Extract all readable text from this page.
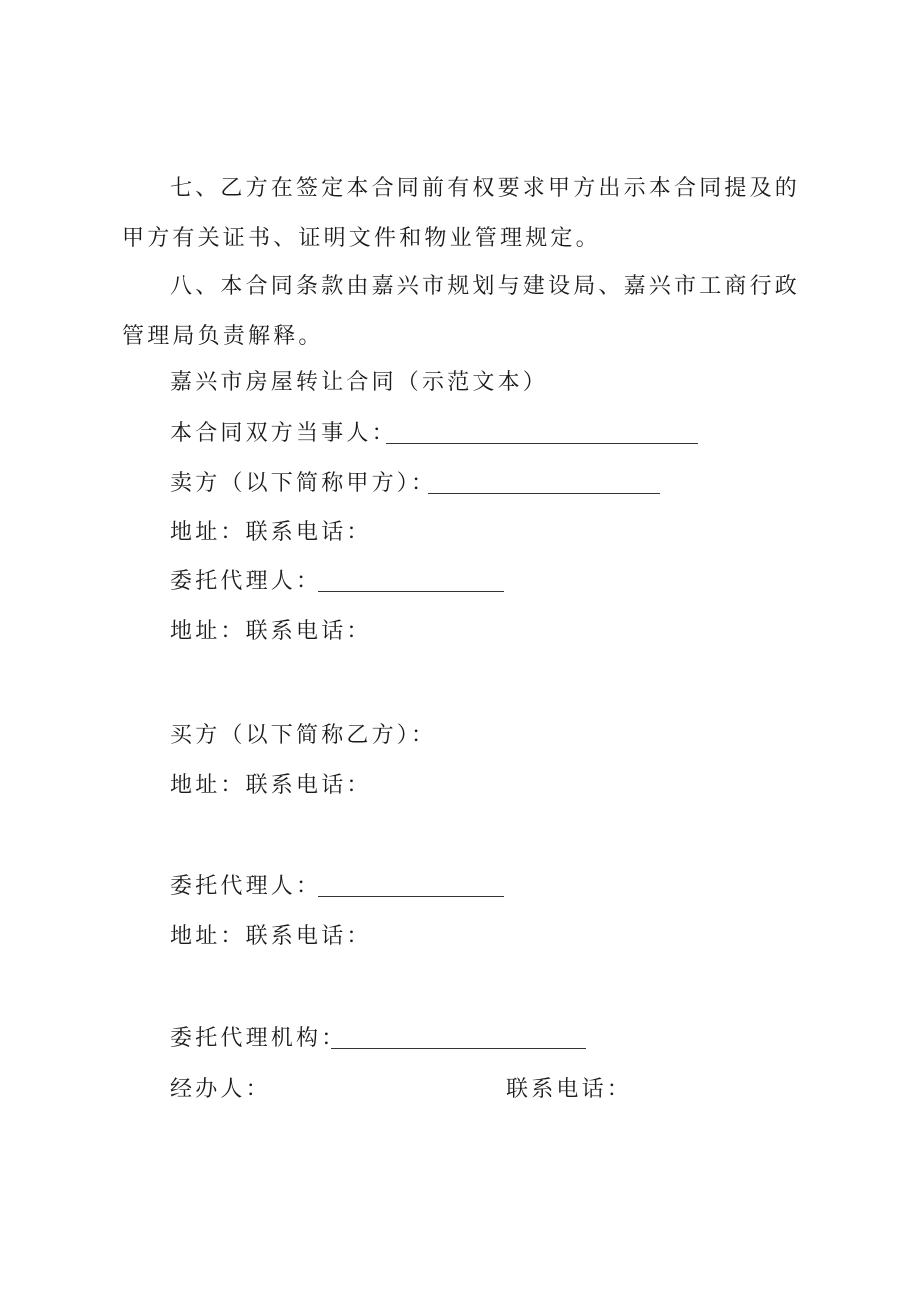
七、乙方在签定本合同前有权要求甲方出示本合同提及的甲方有关证书、证明文件和物业管理规定。

八、本合同条款由嘉兴市规划与建设局、嘉兴市工商行政管理局负责解释。

嘉兴市房屋转让合同（示范文本）
本合同双方当事人：
卖方（以下简称甲方）：
地址：联系电话：
委托代理人：
地址：联系电话：
买方（以下简称乙方）：
地址：联系电话：
委托代理人：
地址：联系电话：
委托代理机构：
经办人：	联系电话：
